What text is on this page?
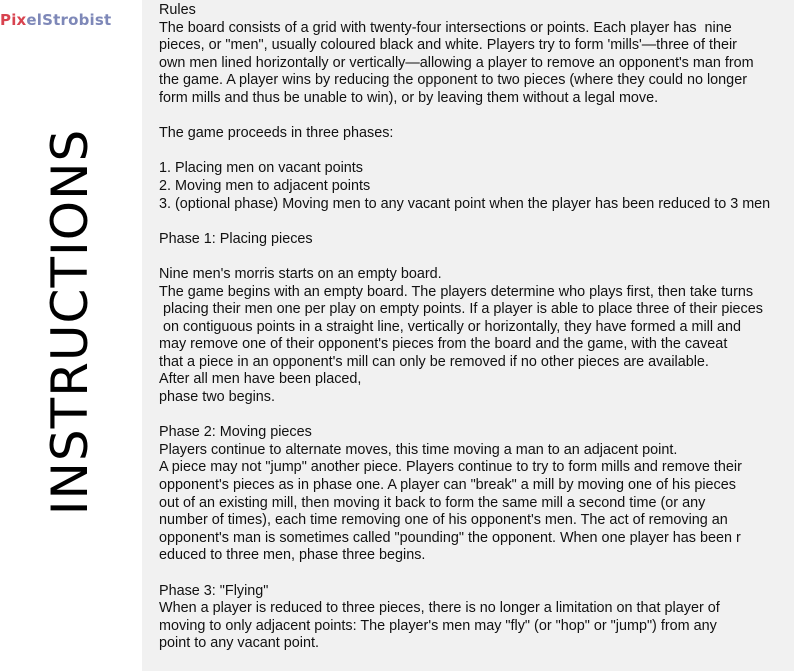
INSTRUCTIONS
PixelStrobist
Rules
The board consists of a grid with twenty-four intersections or points. Each player has  nine
pieces, or "men", usually coloured black and white. Players try to form 'mills'—three of their
own men lined horizontally or vertically—allowing a player to remove an opponent's man from
the game. A player wins by reducing the opponent to two pieces (where they could no longer
form mills and thus be unable to win), or by leaving them without a legal move.
The game proceeds in three phases:
1. Placing men on vacant points
2. Moving men to adjacent points
3. (optional phase) Moving men to any vacant point when the player has been reduced to 3 men
Phase 1: Placing pieces
Nine men's morris starts on an empty board.
The game begins with an empty board. The players determine who plays first, then take turns
placing their men one per play on empty points. If a player is able to place three of their pieces
on contiguous points in a straight line, vertically or horizontally, they have formed a mill and
may remove one of their opponent's pieces from the board and the game, with the caveat
that a piece in an opponent's mill can only be removed if no other pieces are available.
After all men have been placed,
phase two begins.
Phase 2: Moving pieces
Players continue to alternate moves, this time moving a man to an adjacent point.
A piece may not "jump" another piece. Players continue to try to form mills and remove their
opponent's pieces as in phase one. A player can "break" a mill by moving one of his pieces
out of an existing mill, then moving it back to form the same mill a second time (or any
number of times), each time removing one of his opponent's men. The act of removing an
opponent's man is sometimes called "pounding" the opponent. When one player has been r
educed to three men, phase three begins.
Phase 3: "Flying"
When a player is reduced to three pieces, there is no longer a limitation on that player of
moving to only adjacent points: The player's men may "fly" (or "hop" or "jump") from any
point to any vacant point.
